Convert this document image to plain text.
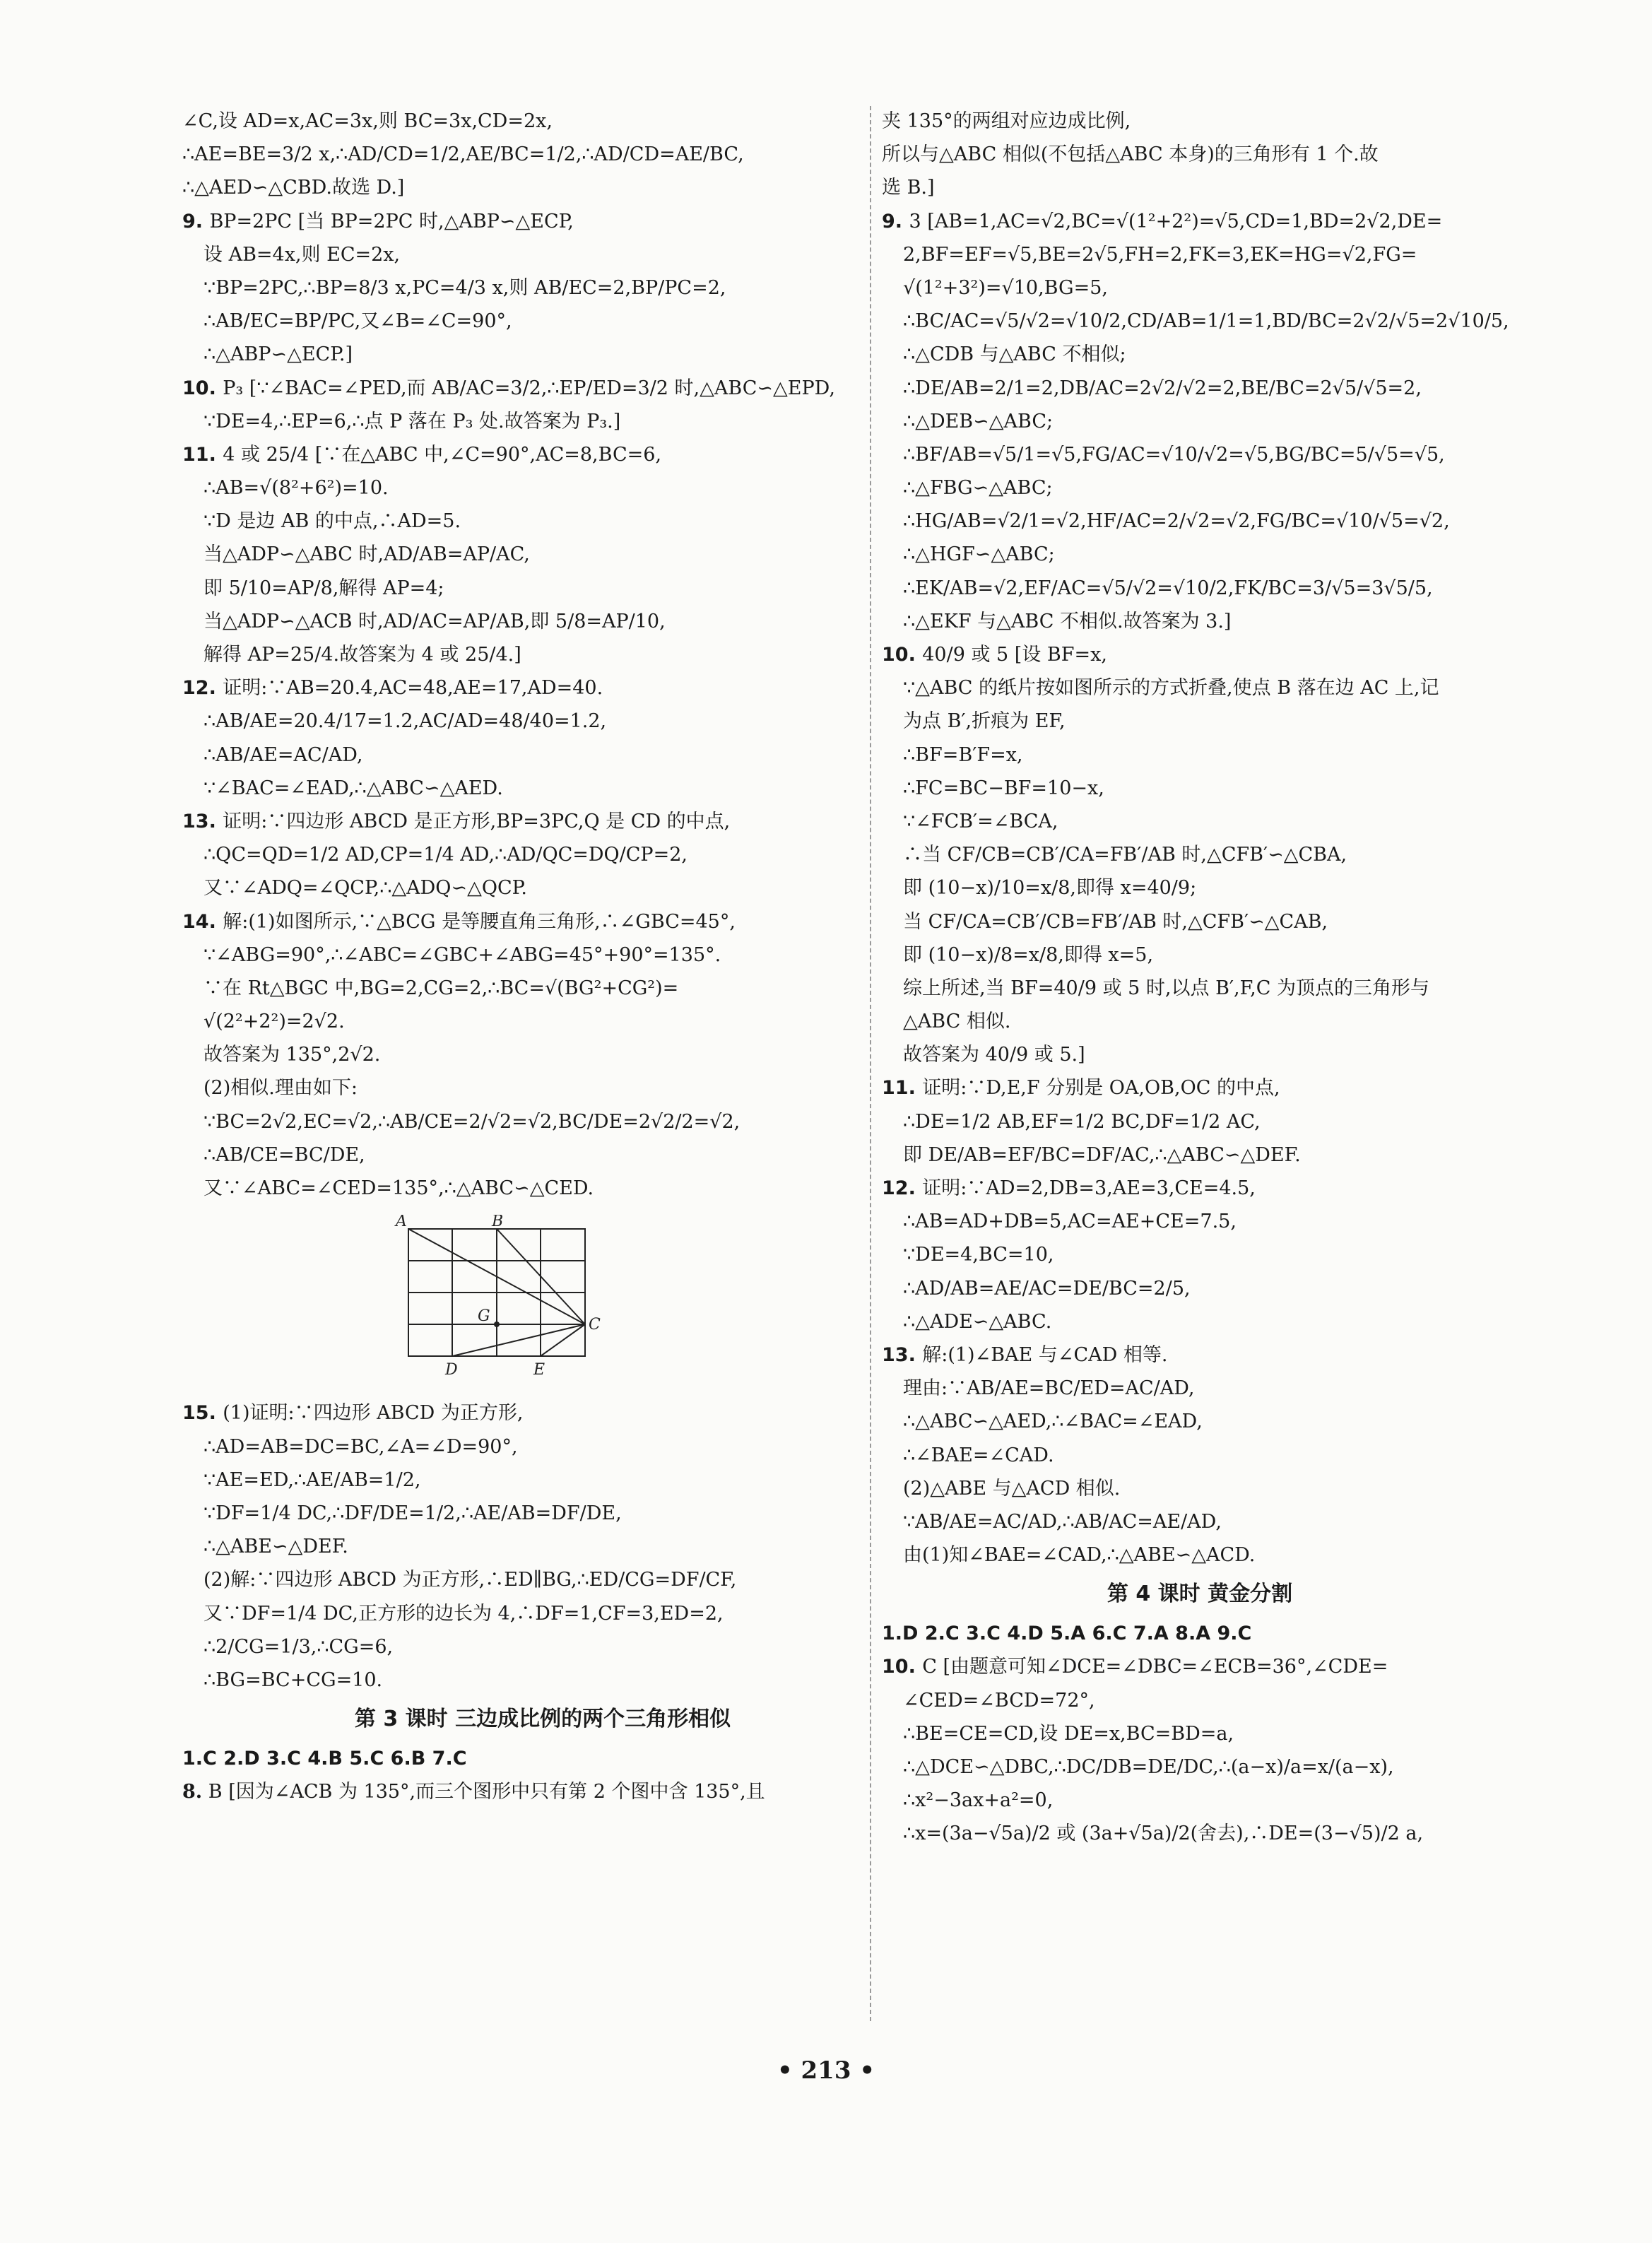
∠C,设 AD=x,AC=3x,则 BC=3x,CD=2x,
∴AE=BE=3/2 x,∴AD/CD=1/2,AE/BC=1/2,∴AD/CD=AE/BC,
∴△AED∽△CBD.故选 D.]
9. BP=2PC [当 BP=2PC 时,△ABP∽△ECP,
设 AB=4x,则 EC=2x,
∵BP=2PC,∴BP=8/3 x,PC=4/3 x,则 AB/EC=2,BP/PC=2,
∴AB/EC=BP/PC,又∠B=∠C=90°,
∴△ABP∽△ECP.]
10. P₃ [∵∠BAC=∠PED,而 AB/AC=3/2,∴EP/ED=3/2 时,△ABC∽△EPD,
∵DE=4,∴EP=6,∴点 P 落在 P₃ 处.故答案为 P₃.]
11. 4 或 25/4 [∵在△ABC 中,∠C=90°,AC=8,BC=6,
∴AB=√(8²+6²)=10.
∵D 是边 AB 的中点,∴AD=5.
当△ADP∽△ABC 时,AD/AB=AP/AC,
即 5/10=AP/8,解得 AP=4;
当△ADP∽△ACB 时,AD/AC=AP/AB,即 5/8=AP/10,
解得 AP=25/4.故答案为 4 或 25/4.]
12. 证明:∵AB=20.4,AC=48,AE=17,AD=40.
∴AB/AE=20.4/17=1.2,AC/AD=48/40=1.2,
∴AB/AE=AC/AD,
∵∠BAC=∠EAD,∴△ABC∽△AED.
13. 证明:∵四边形 ABCD 是正方形,BP=3PC,Q 是 CD 的中点,
∴QC=QD=1/2 AD,CP=1/4 AD,∴AD/QC=DQ/CP=2,
又∵∠ADQ=∠QCP,∴△ADQ∽△QCP.
14. 解:(1)如图所示,∵△BCG 是等腰直角三角形,∴∠GBC=45°,
∵∠ABG=90°,∴∠ABC=∠GBC+∠ABG=45°+90°=135°.
∵在 Rt△BGC 中,BG=2,CG=2,∴BC=√(BG²+CG²)=
√(2²+2²)=2√2.
故答案为 135°,2√2.
(2)相似.理由如下:
∵BC=2√2,EC=√2,∴AB/CE=2/√2=√2,BC/DE=2√2/2=√2,
∴AB/CE=BC/DE,
又∵∠ABC=∠CED=135°,∴△ABC∽△CED.
A	B
G	C
D	E
15. (1)证明:∵四边形 ABCD 为正方形,
∴AD=AB=DC=BC,∠A=∠D=90°,
∵AE=ED,∴AE/AB=1/2,
∵DF=1/4 DC,∴DF/DE=1/2,∴AE/AB=DF/DE,
∴△ABE∽△DEF.
(2)解:∵四边形 ABCD 为正方形,∴ED∥BG,∴ED/CG=DF/CF,
又∵DF=1/4 DC,正方形的边长为 4,∴DF=1,CF=3,ED=2,
∴2/CG=1/3,∴CG=6,
∴BG=BC+CG=10.
第 3 课时 三边成比例的两个三角形相似
1.C 2.D 3.C 4.B 5.C 6.B 7.C
8. B [因为∠ACB 为 135°,而三个图形中只有第 2 个图中含 135°,且
夹 135°的两组对应边成比例,
所以与△ABC 相似(不包括△ABC 本身)的三角形有 1 个.故
选 B.]
9. 3 [AB=1,AC=√2,BC=√(1²+2²)=√5,CD=1,BD=2√2,DE=
2,BF=EF=√5,BE=2√5,FH=2,FK=3,EK=HG=√2,FG=
√(1²+3²)=√10,BG=5,
∴BC/AC=√5/√2=√10/2,CD/AB=1/1=1,BD/BC=2√2/√5=2√10/5,
∴△CDB 与△ABC 不相似;
∴DE/AB=2/1=2,DB/AC=2√2/√2=2,BE/BC=2√5/√5=2,
∴△DEB∽△ABC;
∴BF/AB=√5/1=√5,FG/AC=√10/√2=√5,BG/BC=5/√5=√5,
∴△FBG∽△ABC;
∴HG/AB=√2/1=√2,HF/AC=2/√2=√2,FG/BC=√10/√5=√2,
∴△HGF∽△ABC;
∴EK/AB=√2,EF/AC=√5/√2=√10/2,FK/BC=3/√5=3√5/5,
∴△EKF 与△ABC 不相似.故答案为 3.]
10. 40/9 或 5 [设 BF=x,
∵△ABC 的纸片按如图所示的方式折叠,使点 B 落在边 AC 上,记
为点 B′,折痕为 EF,
∴BF=B′F=x,
∴FC=BC−BF=10−x,
∵∠FCB′=∠BCA,
∴当 CF/CB=CB′/CA=FB′/AB 时,△CFB′∽△CBA,
即 (10−x)/10=x/8,即得 x=40/9;
当 CF/CA=CB′/CB=FB′/AB 时,△CFB′∽△CAB,
即 (10−x)/8=x/8,即得 x=5,
综上所述,当 BF=40/9 或 5 时,以点 B′,F,C 为顶点的三角形与
△ABC 相似.
故答案为 40/9 或 5.]
11. 证明:∵D,E,F 分别是 OA,OB,OC 的中点,
∴DE=1/2 AB,EF=1/2 BC,DF=1/2 AC,
即 DE/AB=EF/BC=DF/AC,∴△ABC∽△DEF.
12. 证明:∵AD=2,DB=3,AE=3,CE=4.5,
∴AB=AD+DB=5,AC=AE+CE=7.5,
∵DE=4,BC=10,
∴AD/AB=AE/AC=DE/BC=2/5,
∴△ADE∽△ABC.
13. 解:(1)∠BAE 与∠CAD 相等.
理由:∵AB/AE=BC/ED=AC/AD,
∴△ABC∽△AED,∴∠BAC=∠EAD,
∴∠BAE=∠CAD.
(2)△ABE 与△ACD 相似.
∵AB/AE=AC/AD,∴AB/AC=AE/AD,
由(1)知∠BAE=∠CAD,∴△ABE∽△ACD.
第 4 课时 黄金分割
1.D 2.C 3.C 4.D 5.A 6.C 7.A 8.A 9.C
10. C [由题意可知∠DCE=∠DBC=∠ECB=36°,∠CDE=
∠CED=∠BCD=72°,
∴BE=CE=CD,设 DE=x,BC=BD=a,
∴△DCE∽△DBC,∴DC/DB=DE/DC,∴(a−x)/a=x/(a−x),
∴x²−3ax+a²=0,
∴x=(3a−√5a)/2 或 (3a+√5a)/2(舍去),∴DE=(3−√5)/2 a,
• 213 •
